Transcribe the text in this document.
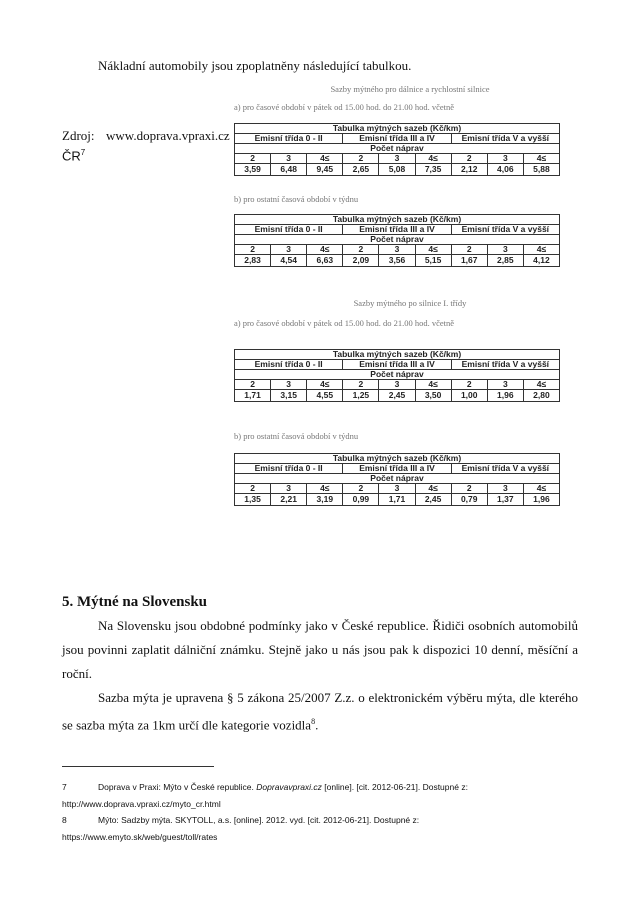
Nákladní automobily jsou zpoplatněny následující tabulkou.
Zdroj: www.doprava.vpraxi.cz
$ČR^7$
Sazby mýtného pro dálnice a rychlostní silnice
a) pro časové období v pátek od 15.00 hod. do 21.00 hod. včetně
Tabulka mýtných sazeb (Kč/km)								
Emisní třída 0 - II			Emisní třída III a IV			Emisní třída V a vyšší		
Počet náprav								
2	3	4≤	2	3	4≤	2	3	4≤
3,59	6,48	9,45	2,65	5,08	7,35	2,12	4,06	5,88
b) pro ostatní časová období v týdnu
Tabulka mýtných sazeb (Kč/km)								
Emisní třída 0 - II			Emisní třída III a IV			Emisní třída V a vyšší		
Počet náprav								
2	3	4≤	2	3	4≤	2	3	4≤
2,83	4,54	6,63	2,09	3,56	5,15	1,67	2,85	4,12
Sazby mýtného po silnice I. třídy
a) pro časové období v pátek od 15.00 hod. do 21.00 hod. včetně
Tabulka mýtných sazeb (Kč/km)								
Emisní třída 0 - II			Emisní třída III a IV			Emisní třída V a vyšší		
Počet náprav								
2	3	4≤	2	3	4≤	2	3	4≤
1,71	3,15	4,55	1,25	2,45	3,50	1,00	1,96	2,80
b) pro ostatní časová období v týdnu
Tabulka mýtných sazeb (Kč/km)								
Emisní třída 0 - II			Emisní třída III a IV			Emisní třída V a vyšší		
Počet náprav								
2	3	4≤	2	3	4≤	2	3	4≤
1,35	2,21	3,19	0,99	1,71	2,45	0,79	1,37	1,96
5. Mýtné na Slovensku
Na Slovensku jsou obdobné podmínky jako v České republice. Řidiči osobních automobilů jsou povinni zaplatit dálniční známku. Stejně jako u nás jsou pak k dispozici 10 denní, měsíční a roční.
Sazba mýta je upravena § 5 zákona 25/2007 Z.z. o elektronickém výběru mýta, dle kterého se sazba mýta za 1km určí dle kategorie vozidla$^8$.
7	Doprava v Praxi: Mýto v České republice. Dopravavpraxi.cz [online]. [cit. 2012-06-21]. Dostupné z:
http://www.doprava.vpraxi.cz/myto_cr.html
8	Mýto: Sadzby mýta. SKYTOLL, a.s. [online]. 2012. vyd. [cit. 2012-06-21]. Dostupné z:
https://www.emyto.sk/web/guest/toll/rates
